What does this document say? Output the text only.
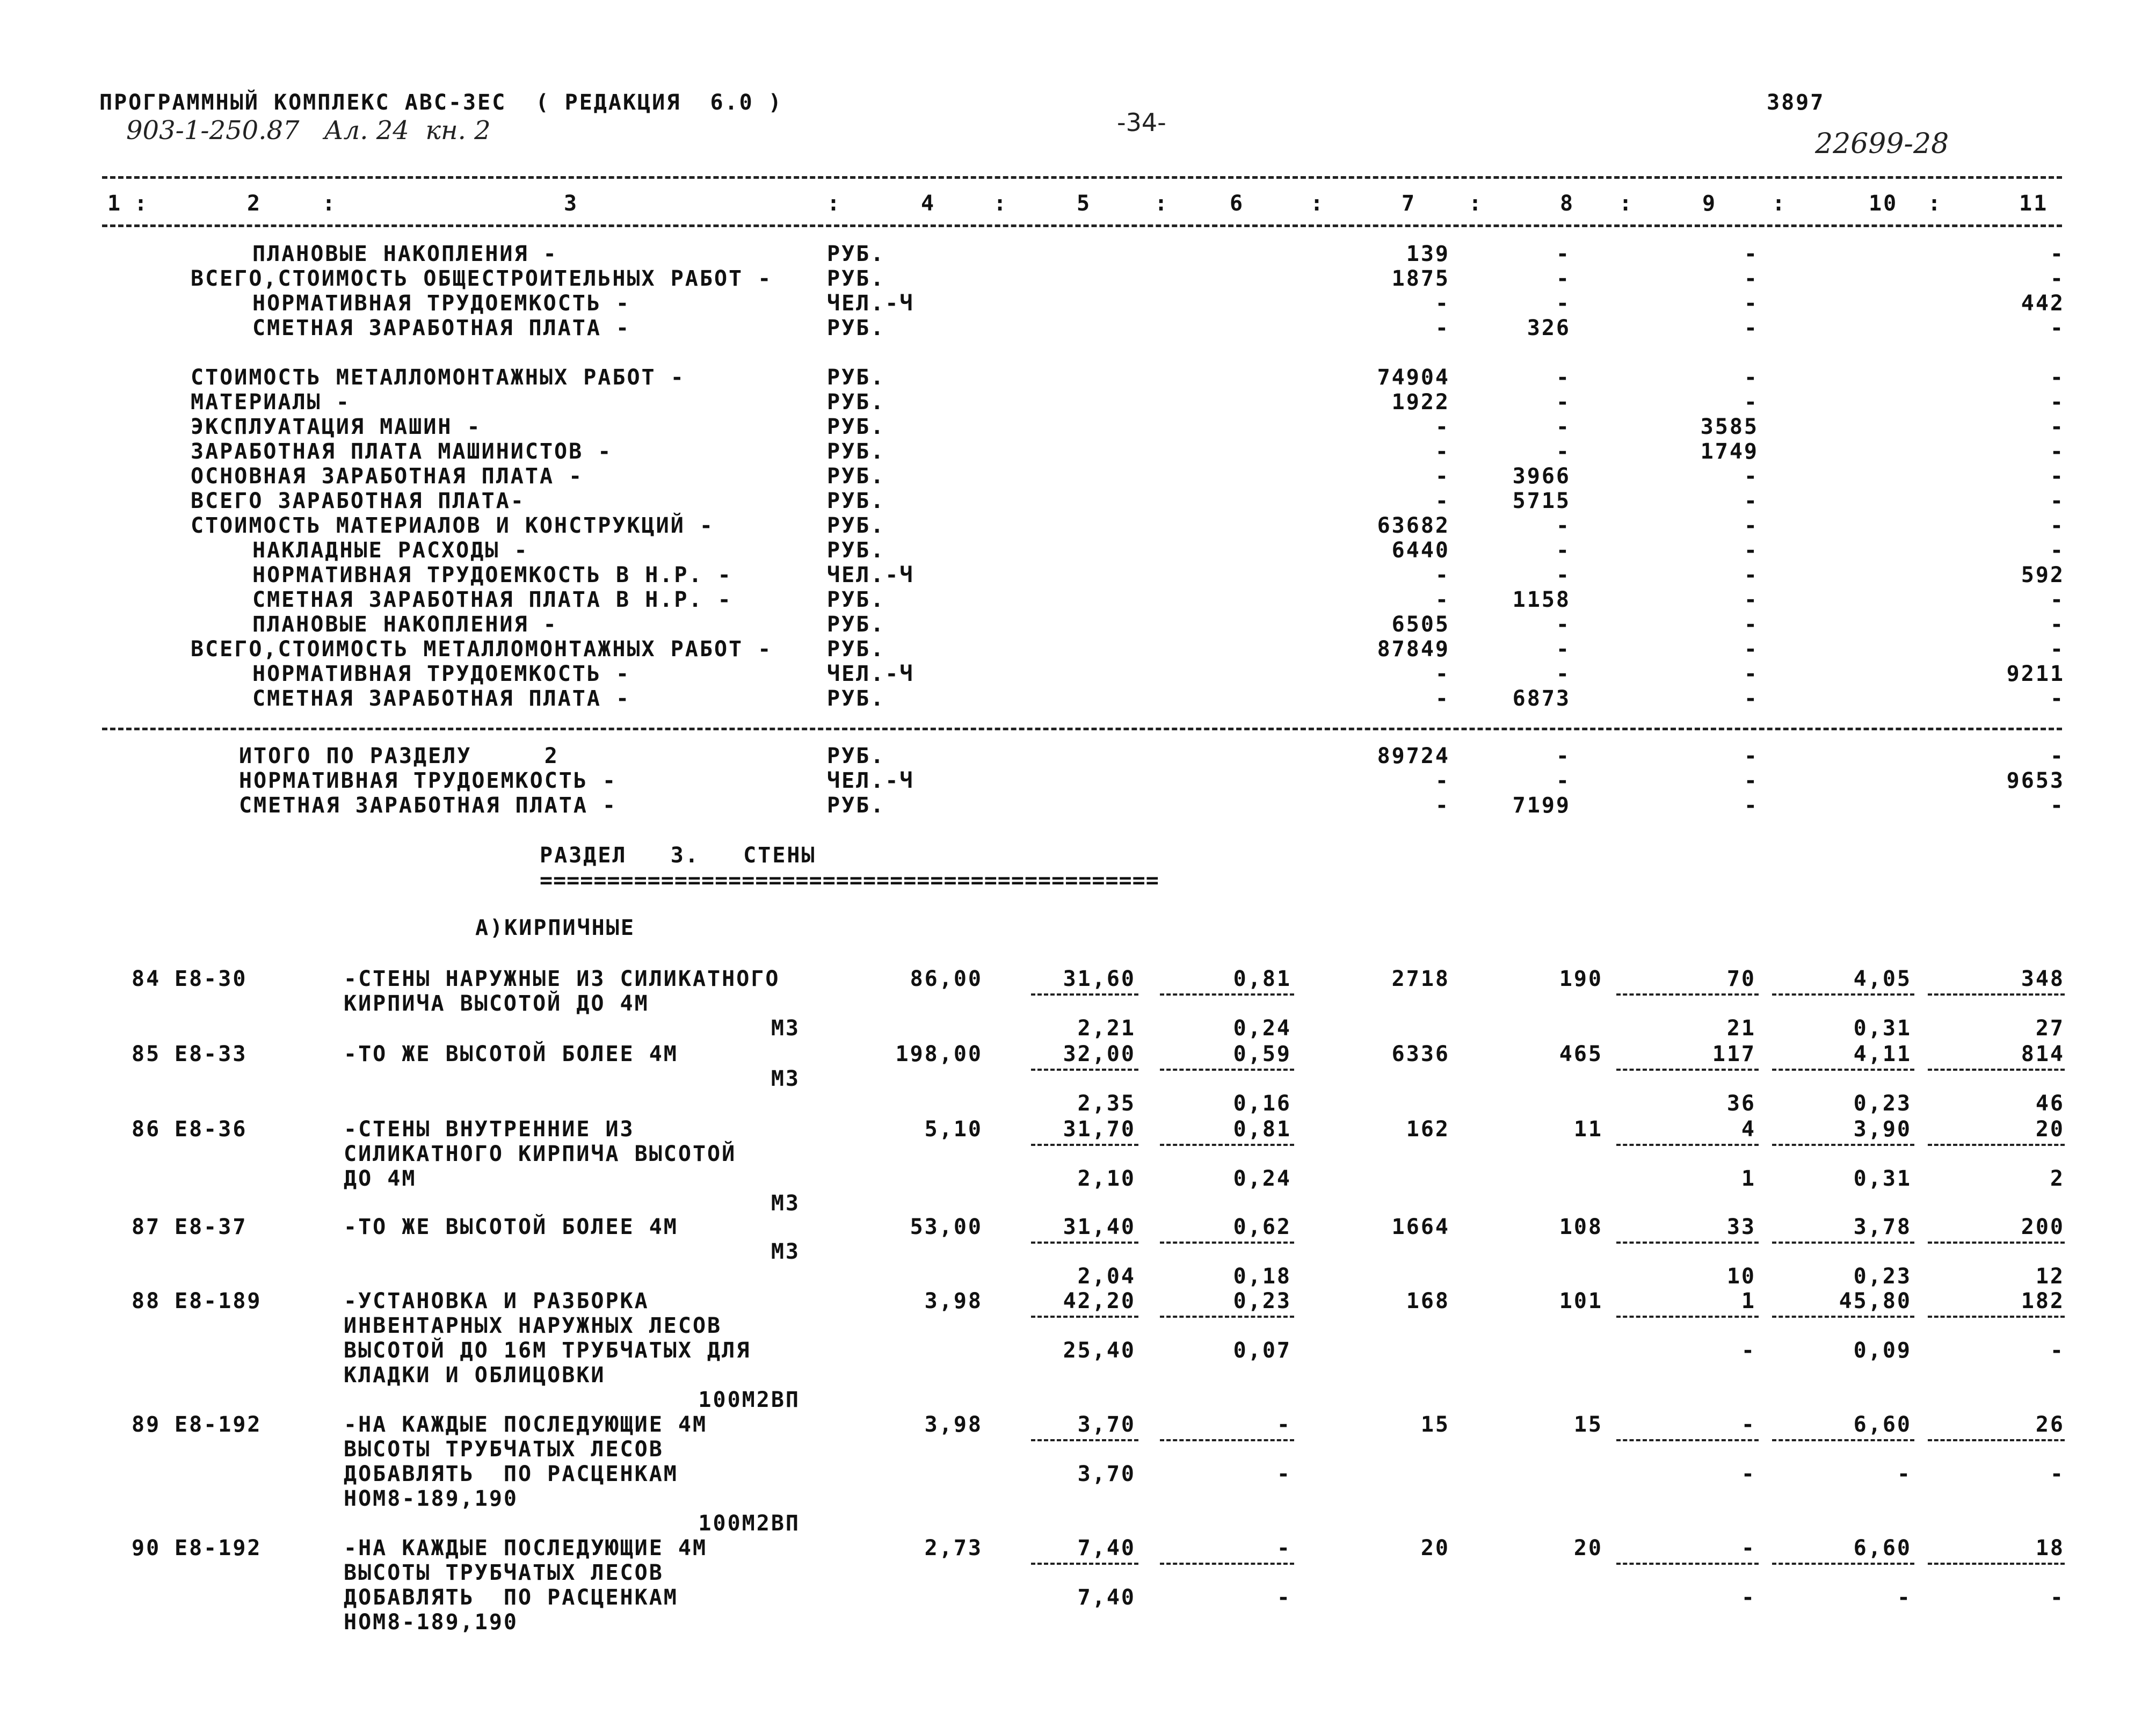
ПРОГРАММНЫЙ КОМПЛЕКС АВС-3ЕС  ( РЕДАКЦИЯ  6.0 )
903-1-250.87   Ал. 24  кн. 2	-34-
3897
22699-28
1	2	3	4	5	6	7	8	9	10	11
:	:	:	:	:	:	:	:	:	:
ПЛАНОВЫЕ НАКОПЛЕНИЯ -	РУБ.	139	-	-	-
ВСЕГО,СТОИМОСТЬ ОБЩЕСТРОИТЕЛЬНЫХ РАБОТ -	РУБ.	1875	-	-	-
НОРМАТИВНАЯ ТРУДОЕМКОСТЬ -	ЧЕЛ.-Ч	-	-	-	442
СМЕТНАЯ ЗАРАБОТНАЯ ПЛАТА -	РУБ.	-	326	-	-
СТОИМОСТЬ МЕТАЛЛОМОНТАЖНЫХ РАБОТ -	РУБ.	74904	-	-	-
МАТЕРИАЛЫ -	РУБ.	1922	-	-	-
ЭКСПЛУАТАЦИЯ МАШИН -	РУБ.	-	-	3585	-
ЗАРАБОТНАЯ ПЛАТА МАШИНИСТОВ -	РУБ.	-	-	1749	-
ОСНОВНАЯ ЗАРАБОТНАЯ ПЛАТА -	РУБ.	-	3966	-	-
ВСЕГО ЗАРАБОТНАЯ ПЛАТА-	РУБ.	-	5715	-	-
СТОИМОСТЬ МАТЕРИАЛОВ И КОНСТРУКЦИЙ -	РУБ.	63682	-	-	-
НАКЛАДНЫЕ РАСХОДЫ -	РУБ.	6440	-	-	-
НОРМАТИВНАЯ ТРУДОЕМКОСТЬ В Н.Р. -	ЧЕЛ.-Ч	-	-	-	592
СМЕТНАЯ ЗАРАБОТНАЯ ПЛАТА В Н.Р. -	РУБ.	-	1158	-	-
ПЛАНОВЫЕ НАКОПЛЕНИЯ -	РУБ.	6505	-	-	-
ВСЕГО,СТОИМОСТЬ МЕТАЛЛОМОНТАЖНЫХ РАБОТ -	РУБ.	87849	-	-	-
НОРМАТИВНАЯ ТРУДОЕМКОСТЬ -	ЧЕЛ.-Ч	-	-	-	9211
СМЕТНАЯ ЗАРАБОТНАЯ ПЛАТА -	РУБ.	-	6873	-	-
ИТОГО ПО РАЗДЕЛУ     2	РУБ.	89724	-	-	-
НОРМАТИВНАЯ ТРУДОЕМКОСТЬ -	ЧЕЛ.-Ч	-	-	-	9653
СМЕТНАЯ ЗАРАБОТНАЯ ПЛАТА -	РУБ.	-	7199	-	-
РАЗДЕЛ   3.   СТЕНЫ
==============================================
А)КИРПИЧНЫЕ
84 Е8-30	-СТЕНЫ НАРУЖНЫЕ ИЗ СИЛИКАТНОГО
КИРПИЧА ВЫСОТОЙ ДО 4М
М3
86,00	31,60	0,81	2718	190	70	4,05	348
2,21	0,24	21	0,31	27
85 Е8-33	-ТО ЖЕ ВЫСОТОЙ БОЛЕЕ 4М
М3
198,00	32,00	0,59	6336	465	117	4,11	814
2,35	0,16	36	0,23	46
86 Е8-36	-СТЕНЫ ВНУТРЕННИЕ ИЗ
СИЛИКАТНОГО КИРПИЧА ВЫСОТОЙ
ДО 4М
М3
5,10	31,70	0,81	162	11	4	3,90	20
2,10	0,24	1	0,31	2
87 Е8-37	-ТО ЖЕ ВЫСОТОЙ БОЛЕЕ 4М
М3
53,00	31,40	0,62	1664	108	33	3,78	200
2,04	0,18	10	0,23	12
88 Е8-189	-УСТАНОВКА И РАЗБОРКА
ИНВЕНТАРНЫХ НАРУЖНЫХ ЛЕСОВ
ВЫСОТОЙ ДО 16М ТРУБЧАТЫХ ДЛЯ
КЛАДКИ И ОБЛИЦОВКИ
100М2ВП
3,98	42,20	0,23	168	101	1	45,80	182
25,40	0,07	-	0,09	-
89 Е8-192	-НА КАЖДЫЕ ПОСЛЕДУЮЩИЕ 4М
ВЫСОТЫ ТРУБЧАТЫХ ЛЕСОВ
ДОБАВЛЯТЬ  ПО РАСЦЕНКАМ
НОМ8-189,190
100М2ВП
3,98	3,70	-	15	15	-	6,60	26
3,70	-	-	-	-
90 Е8-192	-НА КАЖДЫЕ ПОСЛЕДУЮЩИЕ 4М
ВЫСОТЫ ТРУБЧАТЫХ ЛЕСОВ
ДОБАВЛЯТЬ  ПО РАСЦЕНКАМ
НОМ8-189,190
2,73	7,40	-	20	20	-	6,60	18
7,40	-	-	-	-
